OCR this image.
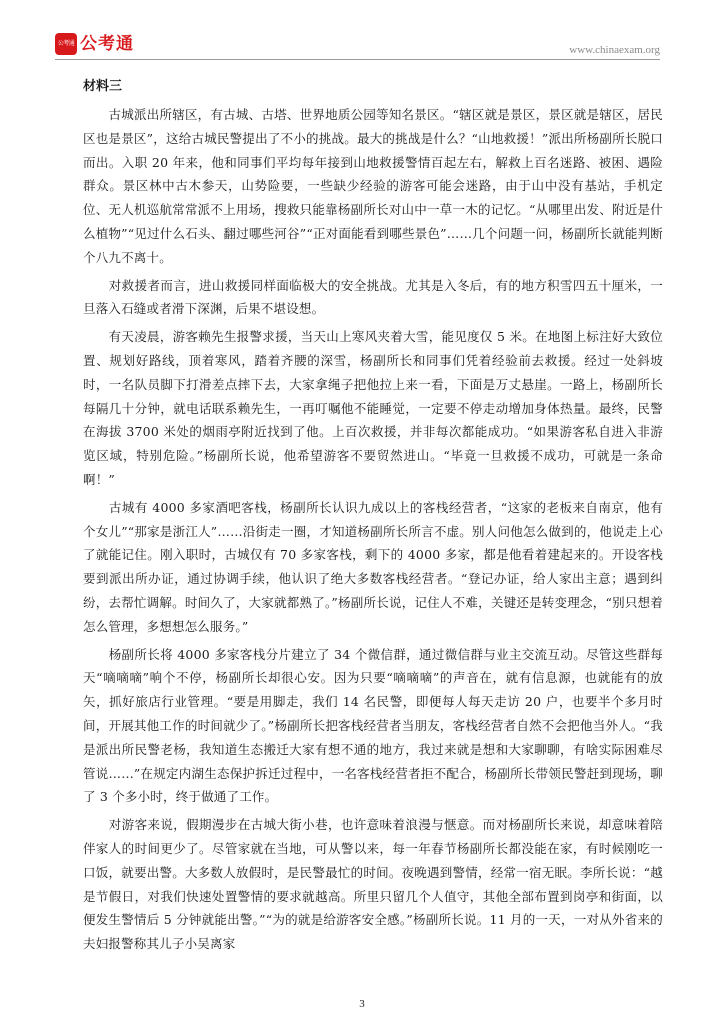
公考通 公考通	www.chinaexam.org
材料三

　　古城派出所辖区，有古城、古塔、世界地质公园等知名景区。“辖区就是景区，景区就是辖区，居民区也是景区”，这给古城民警提出了不小的挑战。最大的挑战是什么？“山地救援！”派出所杨副所长脱口而出。入职 20 年来，他和同事们平均每年接到山地救援警情百起左右，解救上百名迷路、被困、遇险群众。景区林中古木参天，山势险要，一些缺少经验的游客可能会迷路，由于山中没有基站，手机定位、无人机巡航常常派不上用场，搜救只能靠杨副所长对山中一草一木的记忆。“从哪里出发、附近是什么植物”“见过什么石头、翻过哪些河谷”“正对面能看到哪些景色”……几个问题一问，杨副所长就能判断个八九不离十。

　　对救援者而言，进山救援同样面临极大的安全挑战。尤其是入冬后，有的地方积雪四五十厘米，一旦落入石缝或者滑下深渊，后果不堪设想。

　　有天凌晨，游客赖先生报警求援，当天山上寒风夹着大雪，能见度仅 5 米。在地图上标注好大致位置、规划好路线，顶着寒风，踏着齐腰的深雪，杨副所长和同事们凭着经验前去救援。经过一处斜坡时，一名队员脚下打滑差点摔下去，大家拿绳子把他拉上来一看，下面是万丈悬崖。一路上，杨副所长每隔几十分钟，就电话联系赖先生，一再叮嘱他不能睡觉，一定要不停走动增加身体热量。最终，民警在海拔 3700 米处的烟雨亭附近找到了他。上百次救援，并非每次都能成功。“如果游客私自进入非游览区域，特别危险。”杨副所长说，他希望游客不要贸然进山。“毕竟一旦救援不成功，可就是一条命啊！”

　　古城有 4000 多家酒吧客栈，杨副所长认识九成以上的客栈经营者，“这家的老板来自南京，他有个女儿”“那家是浙江人”……沿街走一圈，才知道杨副所长所言不虚。别人问他怎么做到的，他说走上心了就能记住。刚入职时，古城仅有 70 多家客栈，剩下的 4000 多家，都是他看着建起来的。开设客栈要到派出所办证，通过协调手续，他认识了绝大多数客栈经营者。“登记办证，给人家出主意；遇到纠纷，去帮忙调解。时间久了，大家就都熟了。”杨副所长说，记住人不难，关键还是转变理念，“别只想着怎么管理，多想想怎么服务。”

　　杨副所长将 4000 多家客栈分片建立了 34 个微信群，通过微信群与业主交流互动。尽管这些群每天“嘀嘀嘀”响个不停，杨副所长却很心安。因为只要“嘀嘀嘀”的声音在，就有信息源，也就能有的放矢，抓好旅店行业管理。“要是用脚走，我们 14 名民警，即便每人每天走访 20 户，也要半个多月时间，开展其他工作的时间就少了。”杨副所长把客栈经营者当朋友，客栈经营者自然不会把他当外人。“我是派出所民警老杨，我知道生态搬迁大家有想不通的地方，我过来就是想和大家聊聊，有啥实际困难尽管说……”在规定内湖生态保护拆迁过程中，一名客栈经营者拒不配合，杨副所长带领民警赶到现场，聊了 3 个多小时，终于做通了工作。

　　对游客来说，假期漫步在古城大街小巷，也许意味着浪漫与惬意。而对杨副所长来说，却意味着陪伴家人的时间更少了。尽管家就在当地，可从警以来，每一年春节杨副所长都没能在家，有时候刚吃一口饭，就要出警。大多数人放假时，是民警最忙的时间。夜晚遇到警情，经常一宿无眠。李所长说：“越是节假日，对我们快速处置警情的要求就越高。所里只留几个人值守，其他全部布置到岗亭和街面，以便发生警情后 5 分钟就能出警。”“为的就是给游客安全感。”杨副所长说。11 月的一天，一对从外省来的夫妇报警称其儿子小吴离家

3
